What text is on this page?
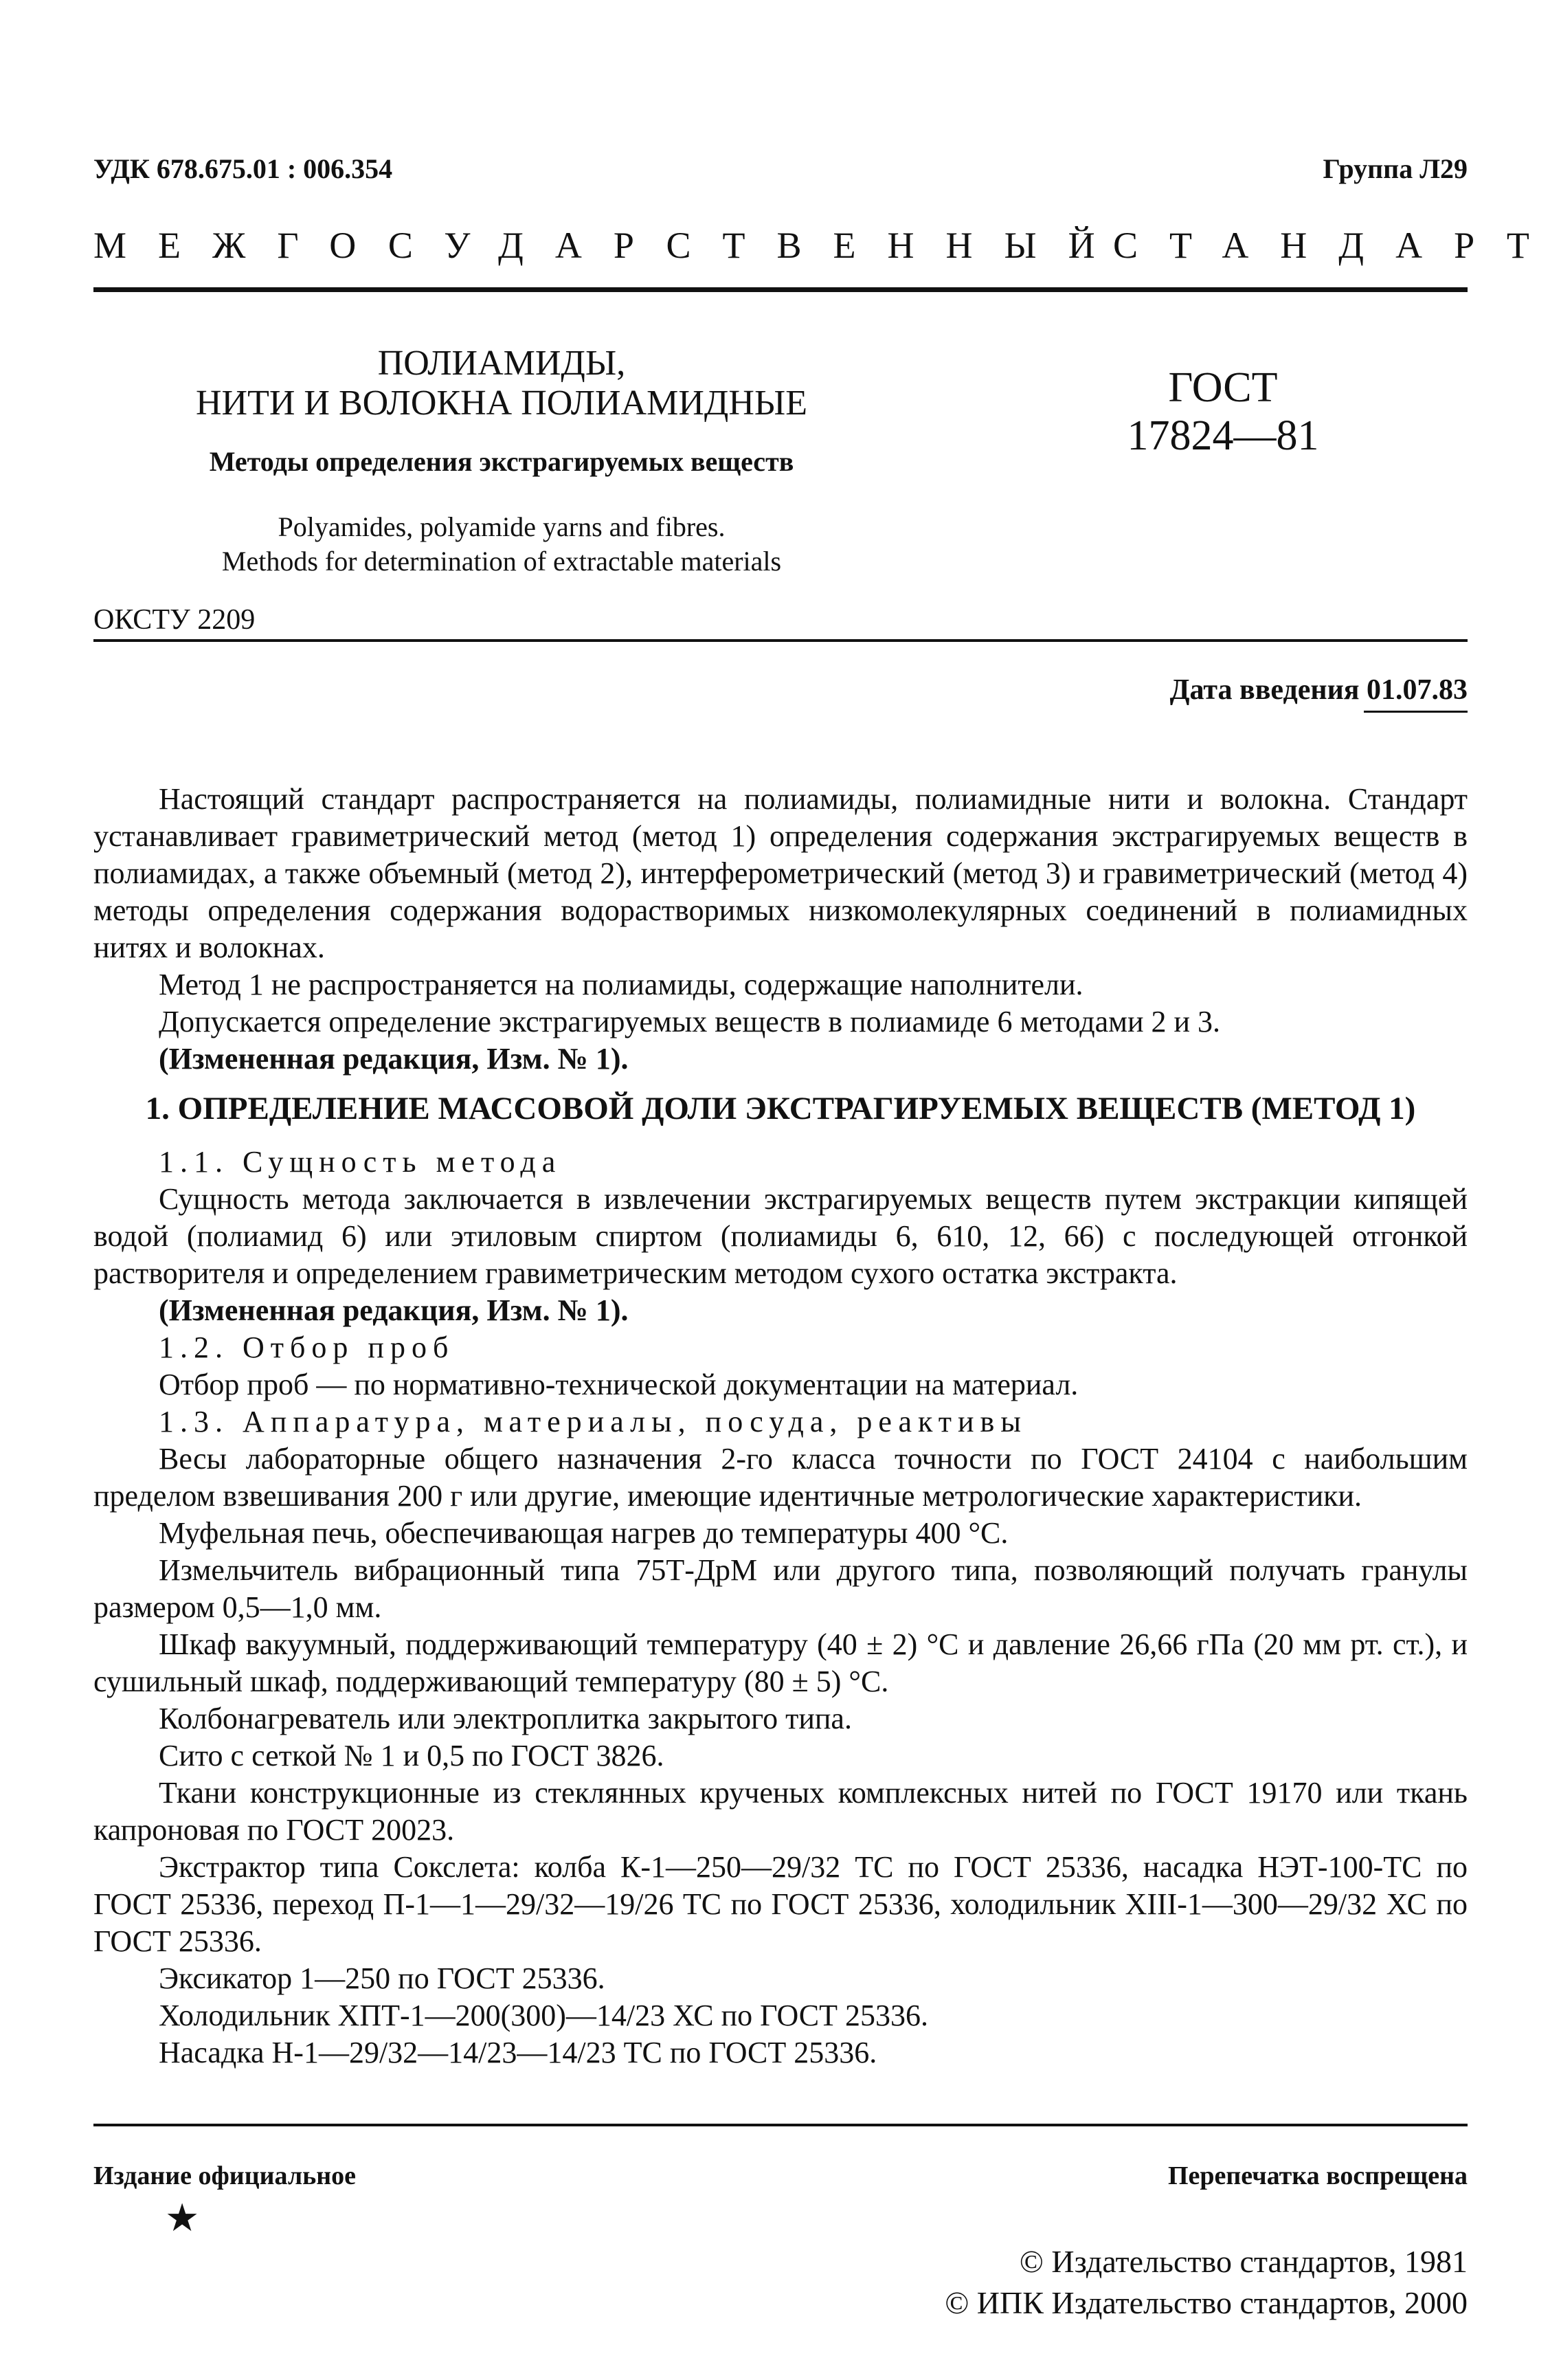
УДК 678.675.01 : 006.354	Группа Л29
МЕЖГОСУДАРСТВЕННЫЙ
СТАНДАРТ
ПОЛИАМИДЫ,
НИТИ И ВОЛОКНА ПОЛИАМИДНЫЕ
Методы определения экстрагируемых веществ
Polyamides, polyamide yarns and fibres.
Methods for determination of extractable materials
ГОСТ
17824—81
ОКСТУ 2209
Дата введения 01.07.83
Настоящий стандарт распространяется на полиамиды, полиамидные нити и волокна. Стандарт устанавливает гравиметрический метод (метод 1) определения содержания экстрагируемых веществ в полиамидах, а также объемный (метод 2), интерферометрический (метод 3) и гравиметрический (метод 4) методы определения содержания водорастворимых низкомолекулярных соединений в полиамидных нитях и волокнах.
Метод 1 не распространяется на полиамиды, содержащие наполнители.
Допускается определение экстрагируемых веществ в полиамиде 6 методами 2 и 3.
(Измененная редакция, Изм. № 1).
1. ОПРЕДЕЛЕНИЕ МАССОВОЙ ДОЛИ ЭКСТРАГИРУЕМЫХ ВЕЩЕСТВ (МЕТОД 1)
1.1. Сущность метода
Сущность метода заключается в извлечении экстрагируемых веществ путем экстракции кипящей водой (полиамид 6) или этиловым спиртом (полиамиды 6, 610, 12, 66) с последующей отгонкой растворителя и определением гравиметрическим методом сухого остатка экстракта.
(Измененная редакция, Изм. № 1).
1.2. Отбор проб
Отбор проб — по нормативно-технической документации на материал.
1.3. Аппаратура, материалы, посуда, реактивы
Весы лабораторные общего назначения 2-го класса точности по ГОСТ 24104 с наибольшим пределом взвешивания 200 г или другие, имеющие идентичные метрологические характеристики.
Муфельная печь, обеспечивающая нагрев до температуры 400 °С.
Измельчитель вибрационный типа 75Т-ДрМ или другого типа, позволяющий получать гранулы размером 0,5—1,0 мм.
Шкаф вакуумный, поддерживающий температуру (40 ± 2) °С и давление 26,66 гПа (20 мм рт. ст.), и сушильный шкаф, поддерживающий температуру (80 ± 5) °С.
Колбонагреватель или электроплитка закрытого типа.
Сито с сеткой № 1 и 0,5 по ГОСТ 3826.
Ткани конструкционные из стеклянных крученых комплексных нитей по ГОСТ 19170 или ткань капроновая по ГОСТ 20023.
Экстрактор типа Сокслета: колба К-1—250—29/32 ТС по ГОСТ 25336, насадка НЭТ-100-ТС по ГОСТ 25336, переход П-1—1—29/32—19/26 ТС по ГОСТ 25336, холодильник ХIII-1—300—29/32 ХС по ГОСТ 25336.
Эксикатор 1—250 по ГОСТ 25336.
Холодильник ХПТ-1—200(300)—14/23 ХС по ГОСТ 25336.
Насадка Н-1—29/32—14/23—14/23 ТС по ГОСТ 25336.
Издание официальное	Перепечатка воспрещена
★
© Издательство стандартов, 1981
© ИПК Издательство стандартов, 2000
